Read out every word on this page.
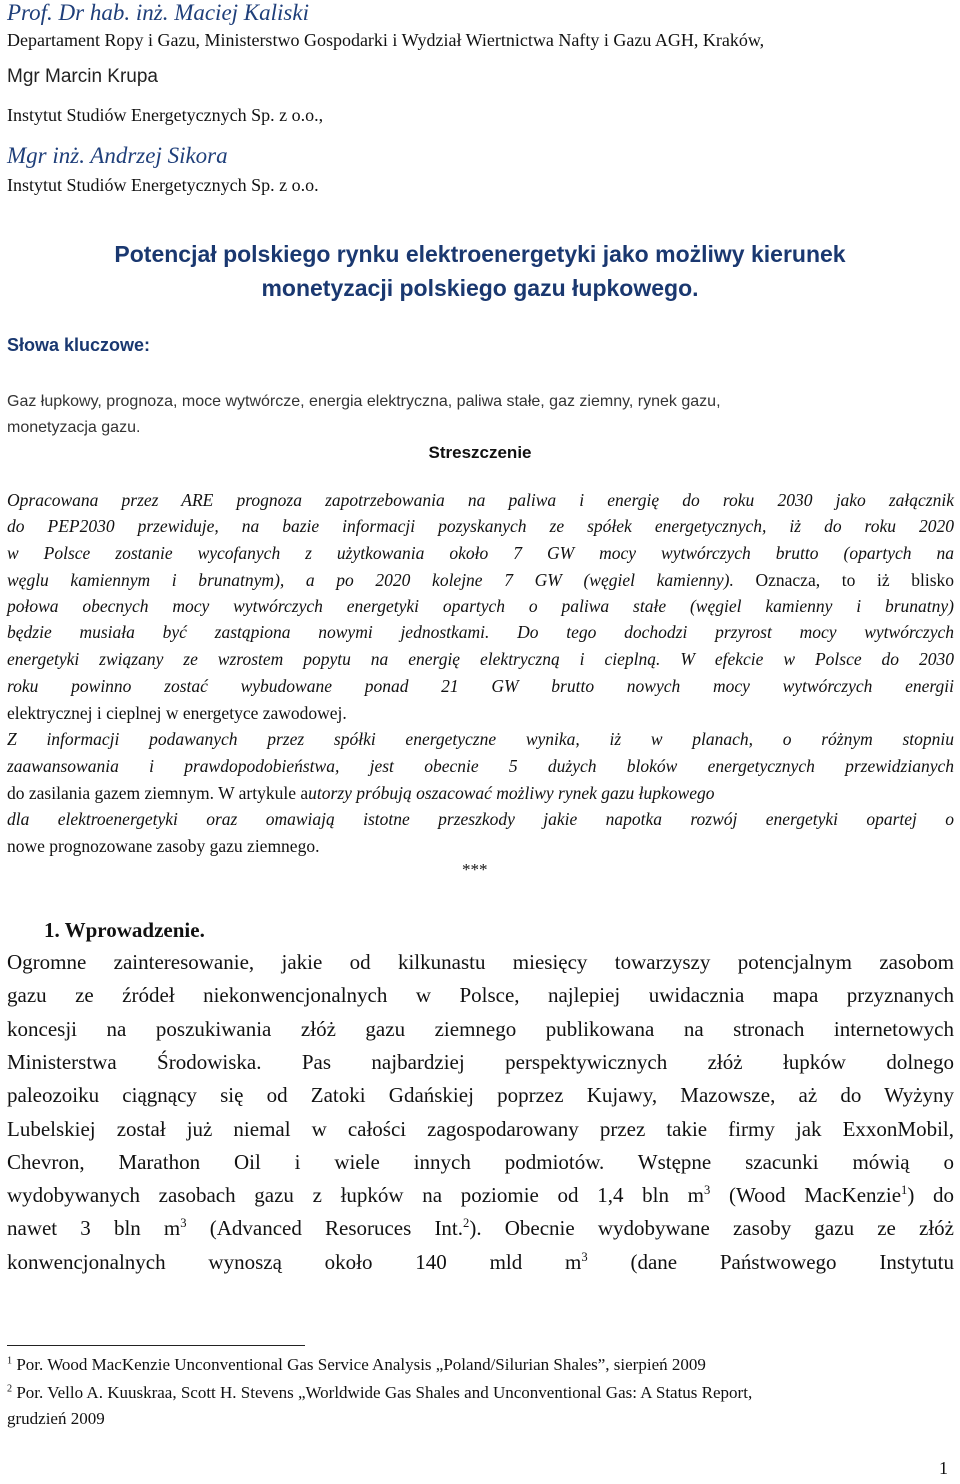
Prof. Dr hab. inż. Maciej Kaliski

Departament Ropy i Gazu, Ministerstwo Gospodarki i Wydział Wiertnictwa Nafty i Gazu AGH, Kraków,

Mgr Marcin Krupa

Instytut Studiów Energetycznych Sp. z o.o.,

Mgr inż. Andrzej Sikora

Instytut Studiów Energetycznych Sp. z o.o.

Potencjał polskiego rynku elektroenergetyki jako możliwy kierunek

monetyzacji polskiego gazu łupkowego.

Słowa kluczowe:

Gaz łupkowy, prognoza, moce wytwórcze, energia elektryczna, paliwa stałe, gaz ziemny, rynek gazu,

monetyzacja gazu.

Streszczenie

Opracowana przez ARE prognoza zapotrzebowania na paliwa i energię do roku 2030 jako załącznik

do PEP2030 przewiduje, na bazie informacji pozyskanych ze spółek energetycznych, iż do roku 2020

w Polsce zostanie wycofanych z użytkowania około 7 GW mocy wytwórczych brutto (opartych na

węglu kamiennym i brunatnym), a po 2020 kolejne 7 GW (węgiel kamienny). Oznacza, to iż blisko

połowa obecnych mocy wytwórczych energetyki opartych o paliwa stałe (węgiel kamienny i brunatny)

będzie musiała być zastąpiona nowymi jednostkami. Do tego dochodzi przyrost mocy wytwórczych

energetyki związany ze wzrostem popytu na energię elektryczną i cieplną. W efekcie w Polsce do 2030

roku powinno zostać wybudowane ponad 21 GW brutto nowych mocy wytwórczych energii

elektrycznej i cieplnej w energetyce zawodowej.

Z informacji podawanych przez spółki energetyczne wynika, iż w planach, o różnym stopniu

zaawansowania i prawdopodobieństwa, jest obecnie 5 dużych bloków energetycznych przewidzianych

do zasilania gazem ziemnym. W artykule autorzy próbują oszacować możliwy rynek gazu łupkowego

dla elektroenergetyki oraz omawiają istotne przeszkody jakie napotka rozwój energetyki opartej o

nowe prognozowane zasoby gazu ziemnego.

***

1. Wprowadzenie.

Ogromne zainteresowanie, jakie od kilkunastu miesięcy towarzyszy potencjalnym zasobom

gazu ze źródeł niekonwencjonalnych w Polsce, najlepiej uwidacznia mapa przyznanych

koncesji na poszukiwania złóż gazu ziemnego publikowana na stronach internetowych

Ministerstwa Środowiska. Pas najbardziej perspektywicznych złóż łupków dolnego

paleozoiku ciągnący się od Zatoki Gdańskiej poprzez Kujawy, Mazowsze, aż do Wyżyny

Lubelskiej został już niemal w całości zagospodarowany przez takie firmy jak ExxonMobil,

Chevron, Marathon Oil i wiele innych podmiotów. Wstępne szacunki mówią o

wydobywanych zasobach gazu z łupków na poziomie od 1,4 bln $m^3$ (Wood MacKenzie$^1$) do

nawet 3 bln $m^3$ (Advanced Resoruces Int.$^2$). Obecnie wydobywane zasoby gazu ze złóż

konwencjonalnych wynoszą około 140 mld $m^3$ (dane Państwowego Instytutu

$^1$ Por. Wood MacKenzie Unconventional Gas Service Analysis „Poland/Silurian Shales”, sierpień 2009

$^2$ Por. Vello A. Kuuskraa, Scott H. Stevens „Worldwide Gas Shales and Unconventional Gas: A Status Report,

grudzień 2009

1
